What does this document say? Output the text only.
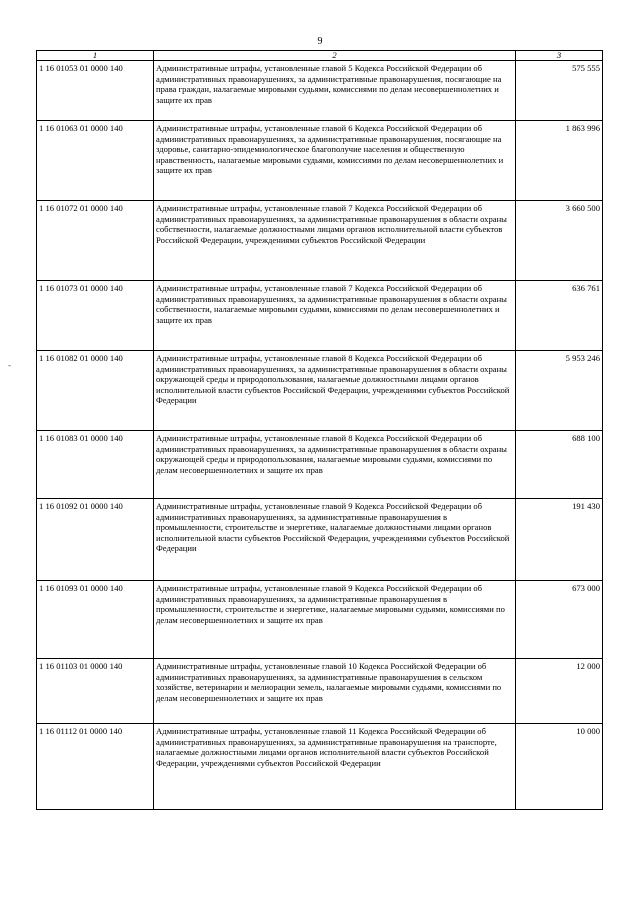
9
-
1	2	3
1 16 01053 01 0000 140	Административные штрафы, установленные главой 5 Кодекса Российской Федерации об административных правонарушениях, за административные правонарушения, посягающие на права граждан, налагаемые мировыми судьями, комиссиями по делам несовершеннолетних и защите их прав	575 555
1 16 01063 01 0000 140	Административные штрафы, установленные главой 6 Кодекса Российской Федерации об административных правонарушениях, за административные правонарушения, посягающие на здоровье, санитарно-эпидемиологическое благополучие населения и общественную нравственность, налагаемые мировыми судьями, комиссиями по делам несовершеннолетних и защите их прав	1 863 996
1 16 01072 01 0000 140	Административные штрафы, установленные главой 7 Кодекса Российской Федерации об административных правонарушениях, за административные правонарушения в области охраны собственности, налагаемые должностными лицами органов исполнительной власти субъектов Российской Федерации, учреждениями субъектов Российской Федерации	3 660 500
1 16 01073 01 0000 140	Административные штрафы, установленные главой 7 Кодекса Российской Федерации об административных правонарушениях, за административные правонарушения в области охраны собственности, налагаемые мировыми судьями, комиссиями по делам несовершеннолетних и защите их прав	636 761
1 16 01082 01 0000 140	Административные штрафы, установленные главой 8 Кодекса Российской Федерации об административных правонарушениях, за административные правонарушения в области охраны окружающей среды и природопользования, налагаемые должностными лицами органов исполнительной власти субъектов Российской Федерации, учреждениями субъектов Российской Федерации	5 953 246
1 16 01083 01 0000 140	Административные штрафы, установленные главой 8 Кодекса Российской Федерации об административных правонарушениях, за административные правонарушения в области охраны окружающей среды и природопользования, налагаемые мировыми судьями, комиссиями по делам несовершеннолетних и защите их прав	688 100
1 16 01092 01 0000 140	Административные штрафы, установленные главой 9 Кодекса Российской Федерации об административных правонарушениях, за административные правонарушения в промышленности, строительстве и энергетике, налагаемые должностными лицами органов исполнительной власти субъектов Российской Федерации, учреждениями субъектов Российской Федерации	191 430
1 16 01093 01 0000 140	Административные штрафы, установленные главой 9 Кодекса Российской Федерации об административных правонарушениях, за административные правонарушения в промышленности, строительстве и энергетике, налагаемые мировыми судьями, комиссиями по делам несовершеннолетних и защите их прав	673 000
1 16 01103 01 0000 140	Административные штрафы, установленные главой 10 Кодекса Российской Федерации об административных правонарушениях, за административные правонарушения в сельском хозяйстве, ветеринарии и мелиорации земель, налагаемые мировыми судьями, комиссиями по делам несовершеннолетних и защите их прав	12 000
1 16 01112 01 0000 140	Административные штрафы, установленные главой 11 Кодекса Российской Федерации об административных правонарушениях, за административные правонарушения на транспорте, налагаемые должностными лицами органов исполнительной власти субъектов Российской Федерации, учреждениями субъектов Российской Федерации	10 000
